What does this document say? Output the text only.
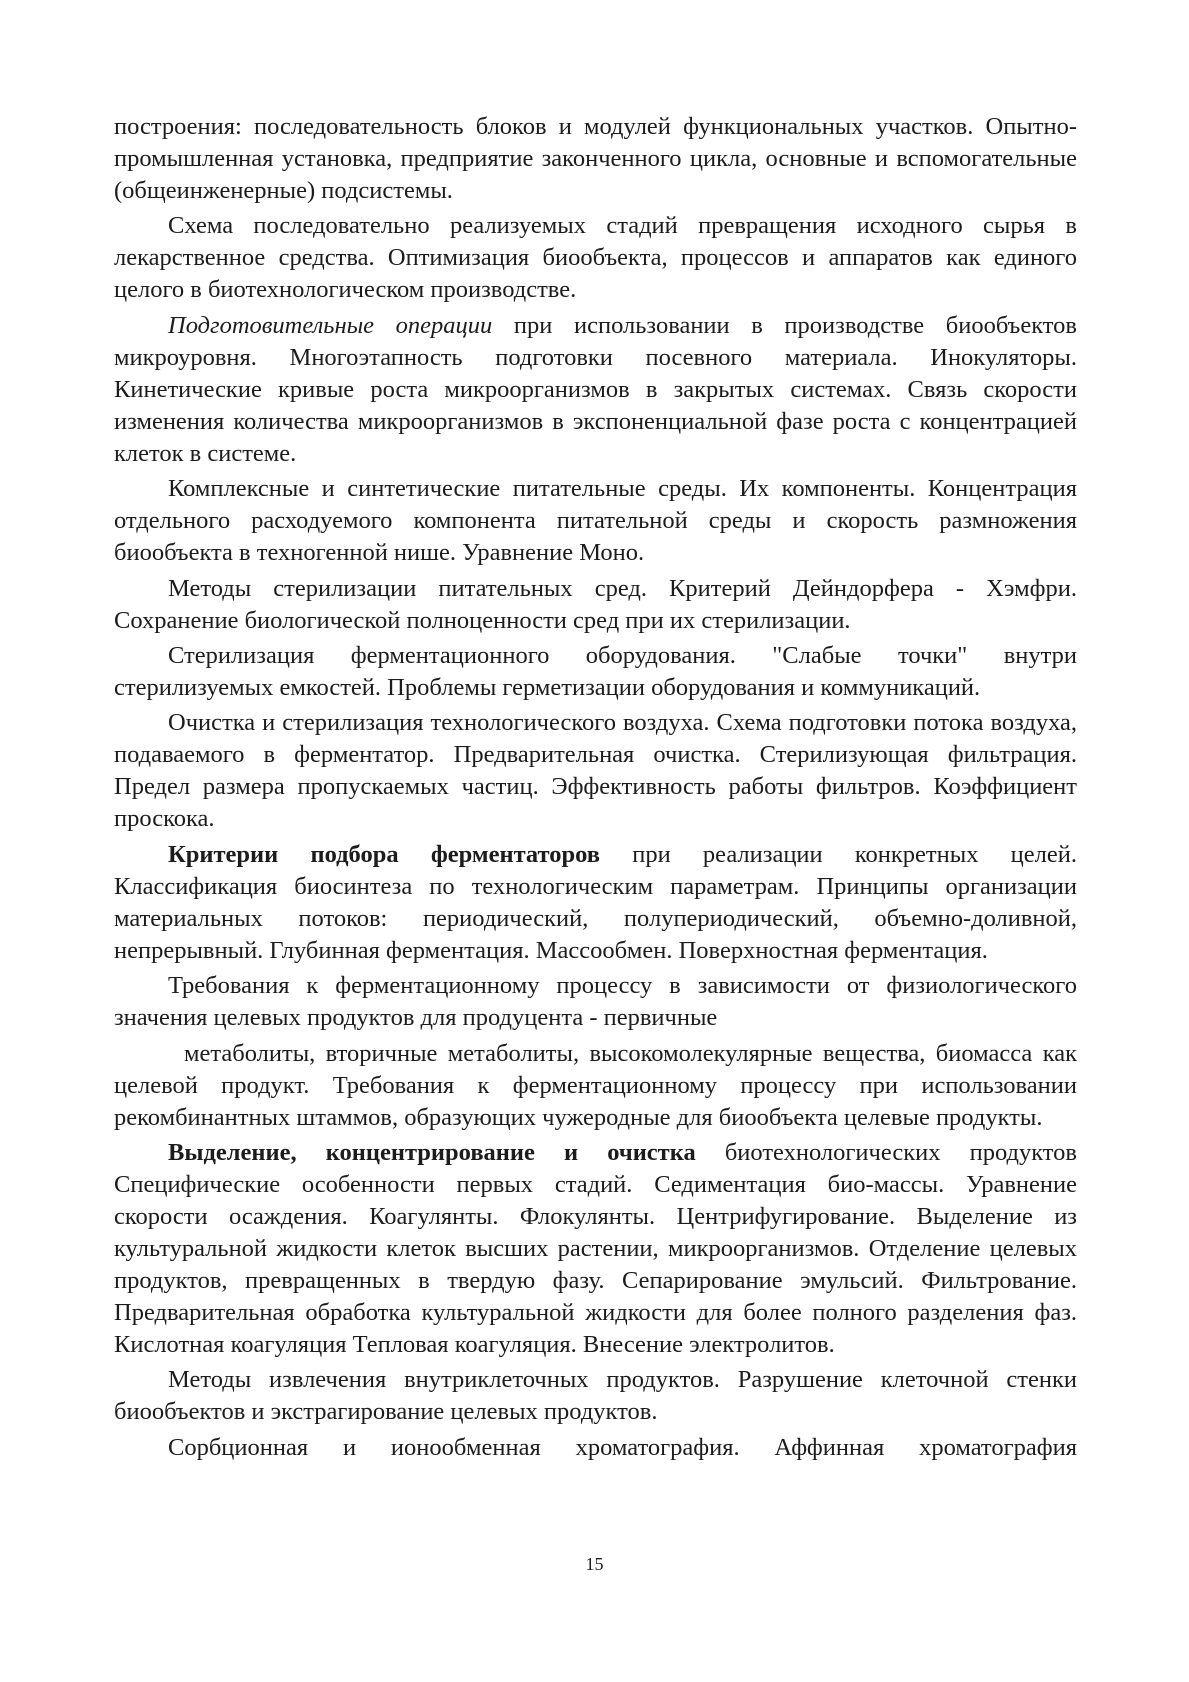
построения: последовательность блоков и модулей функциональных участков. Опытно-промышленная установка, предприятие законченного цикла, основные и вспомогательные (общеинженерные) подсистемы.

Схема последовательно реализуемых стадий превращения исходного сырья в лекарственное средства. Оптимизация биообъекта, процессов и аппаратов как единого целого в биотехнологическом производстве.

Подготовительные операции при использовании в производстве биообъектов микроуровня. Многоэтапность подготовки посевного материала. Инокуляторы. Кинетические кривые роста микроорганизмов в закрытых системах. Связь скорости изменения количества микроорганизмов в экспоненциальной фазе роста с концентрацией клеток в системе.

Комплексные и синтетические питательные среды. Их компоненты. Концентрация отдельного расходуемого компонента питательной среды и скорость размножения биообъекта в техногенной нише. Уравнение Моно.

Методы стерилизации питательных сред. Критерий Дейндорфера - Хэмфри. Сохранение биологической полноценности сред при их стерилизации.

Стерилизация ферментационного оборудования. "Слабые точки" внутри стерилизуемых емкостей. Проблемы герметизации оборудования и коммуникаций.

Очистка и стерилизация технологического воздуха. Схема подготовки потока воздуха, подаваемого в ферментатор. Предварительная очистка. Стерилизующая фильтрация. Предел размера пропускаемых частиц. Эффективность работы фильтров. Коэффициент проскока.

Критерии подбора ферментаторов при реализации конкретных целей. Классификация биосинтеза по технологическим параметрам. Принципы организации материальных потоков: периодический, полупериодический, объемно-доливной, непрерывный. Глубинная ферментация. Массообмен. Поверхностная ферментация.

Требования к ферментационному процессу в зависимости от физиологического значения целевых продуктов для продуцента - первичные

метаболиты, вторичные метаболиты, высокомолекулярные вещества, биомасса как целевой продукт. Требования к ферментационному процессу при использовании рекомбинантных штаммов, образующих чужеродные для биообъекта целевые продукты.

Выделение, концентрирование и очистка биотехнологических продуктов Специфические особенности первых стадий. Седиментация био-массы. Уравнение скорости осаждения. Коагулянты. Флокулянты. Центрифугирование. Выделение из культуральной жидкости клеток высших растении, микроорганизмов. Отделение целевых продуктов, превращенных в твердую фазу. Сепарирование эмульсий. Фильтрование. Предварительная обработка культуральной жидкости для более полного разделения фаз. Кислотная коагуляция Тепловая коагуляция. Внесение электролитов.

Методы извлечения внутриклеточных продуктов. Разрушение клеточной стенки биообъектов и экстрагирование целевых продуктов.

Сорбционная и ионообменная хроматография. Аффинная хроматография

15
